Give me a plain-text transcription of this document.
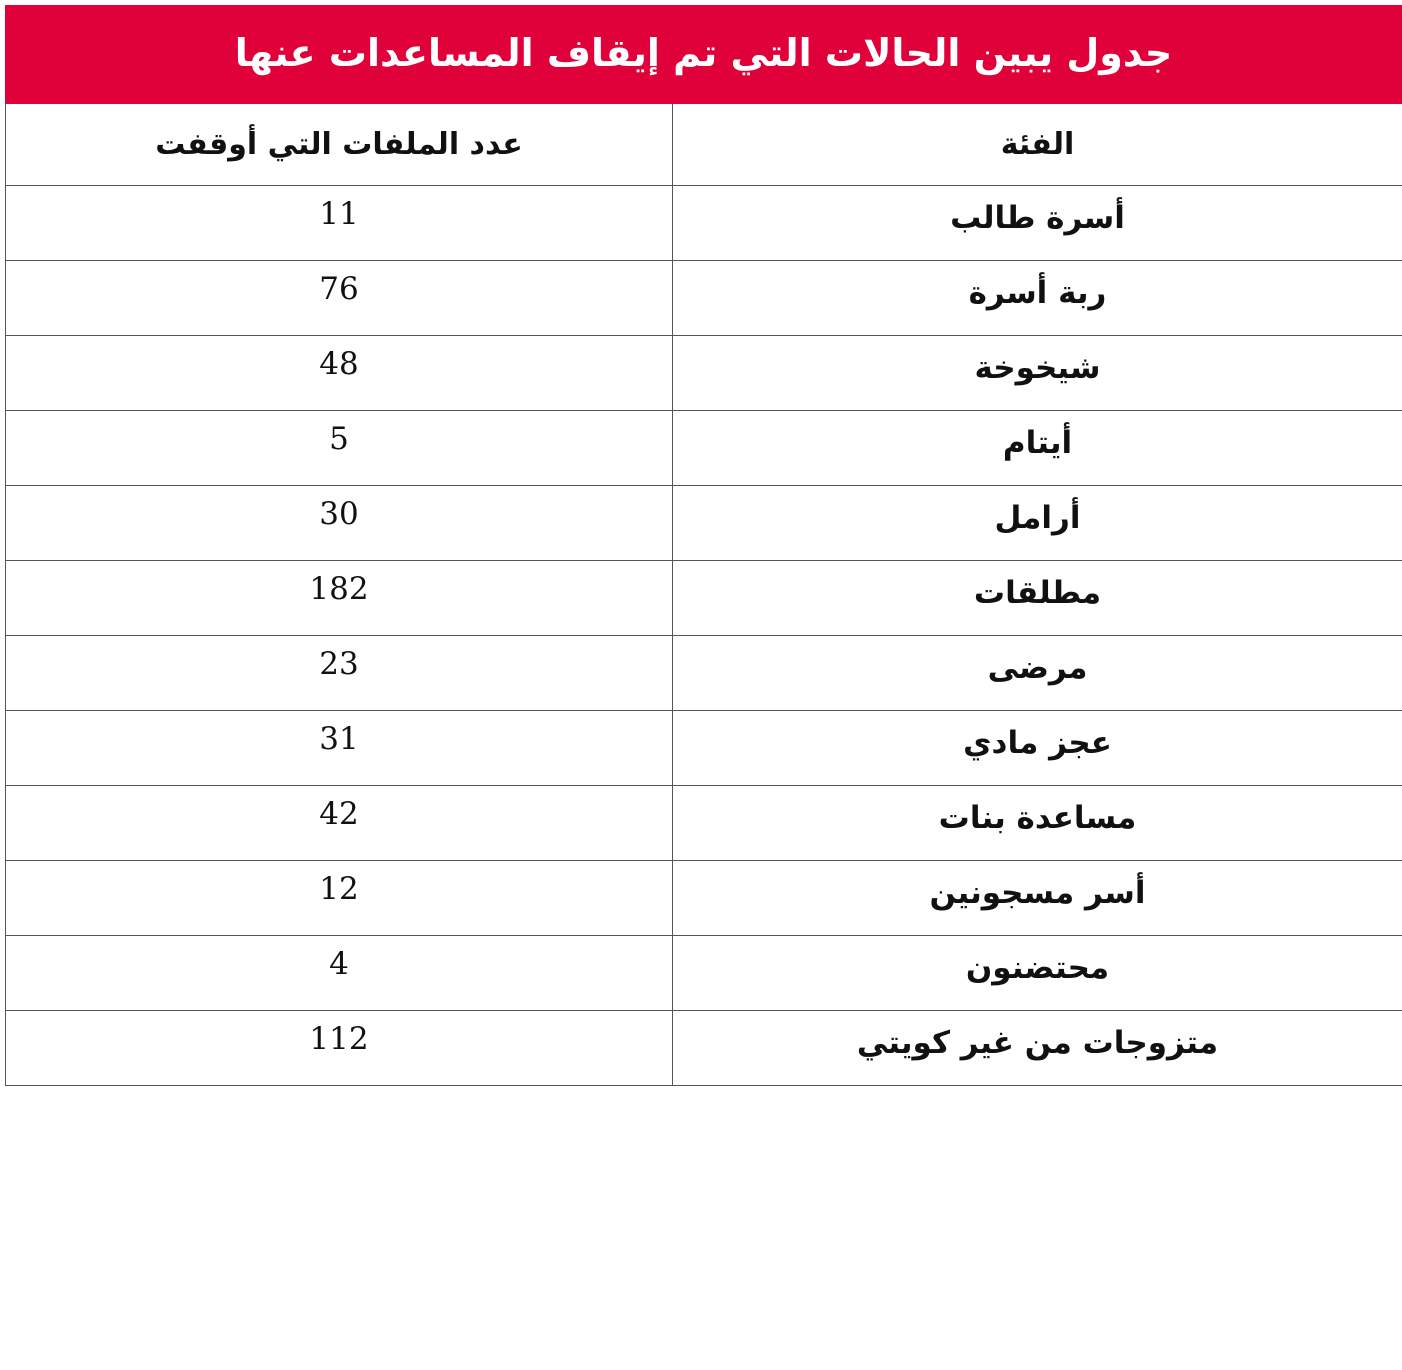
جدول يبين الحالات التي تم إيقاف المساعدات عنها
الفئة	عدد الملفات التي أوقفت
أسرة طالب	11
ربة أسرة	76
شيخوخة	48
أيتام	5
أرامل	30
مطلقات	182
مرضى	23
عجز مادي	31
مساعدة بنات	42
أسر مسجونين	12
محتضنون	4
متزوجات من غير كويتي	112
